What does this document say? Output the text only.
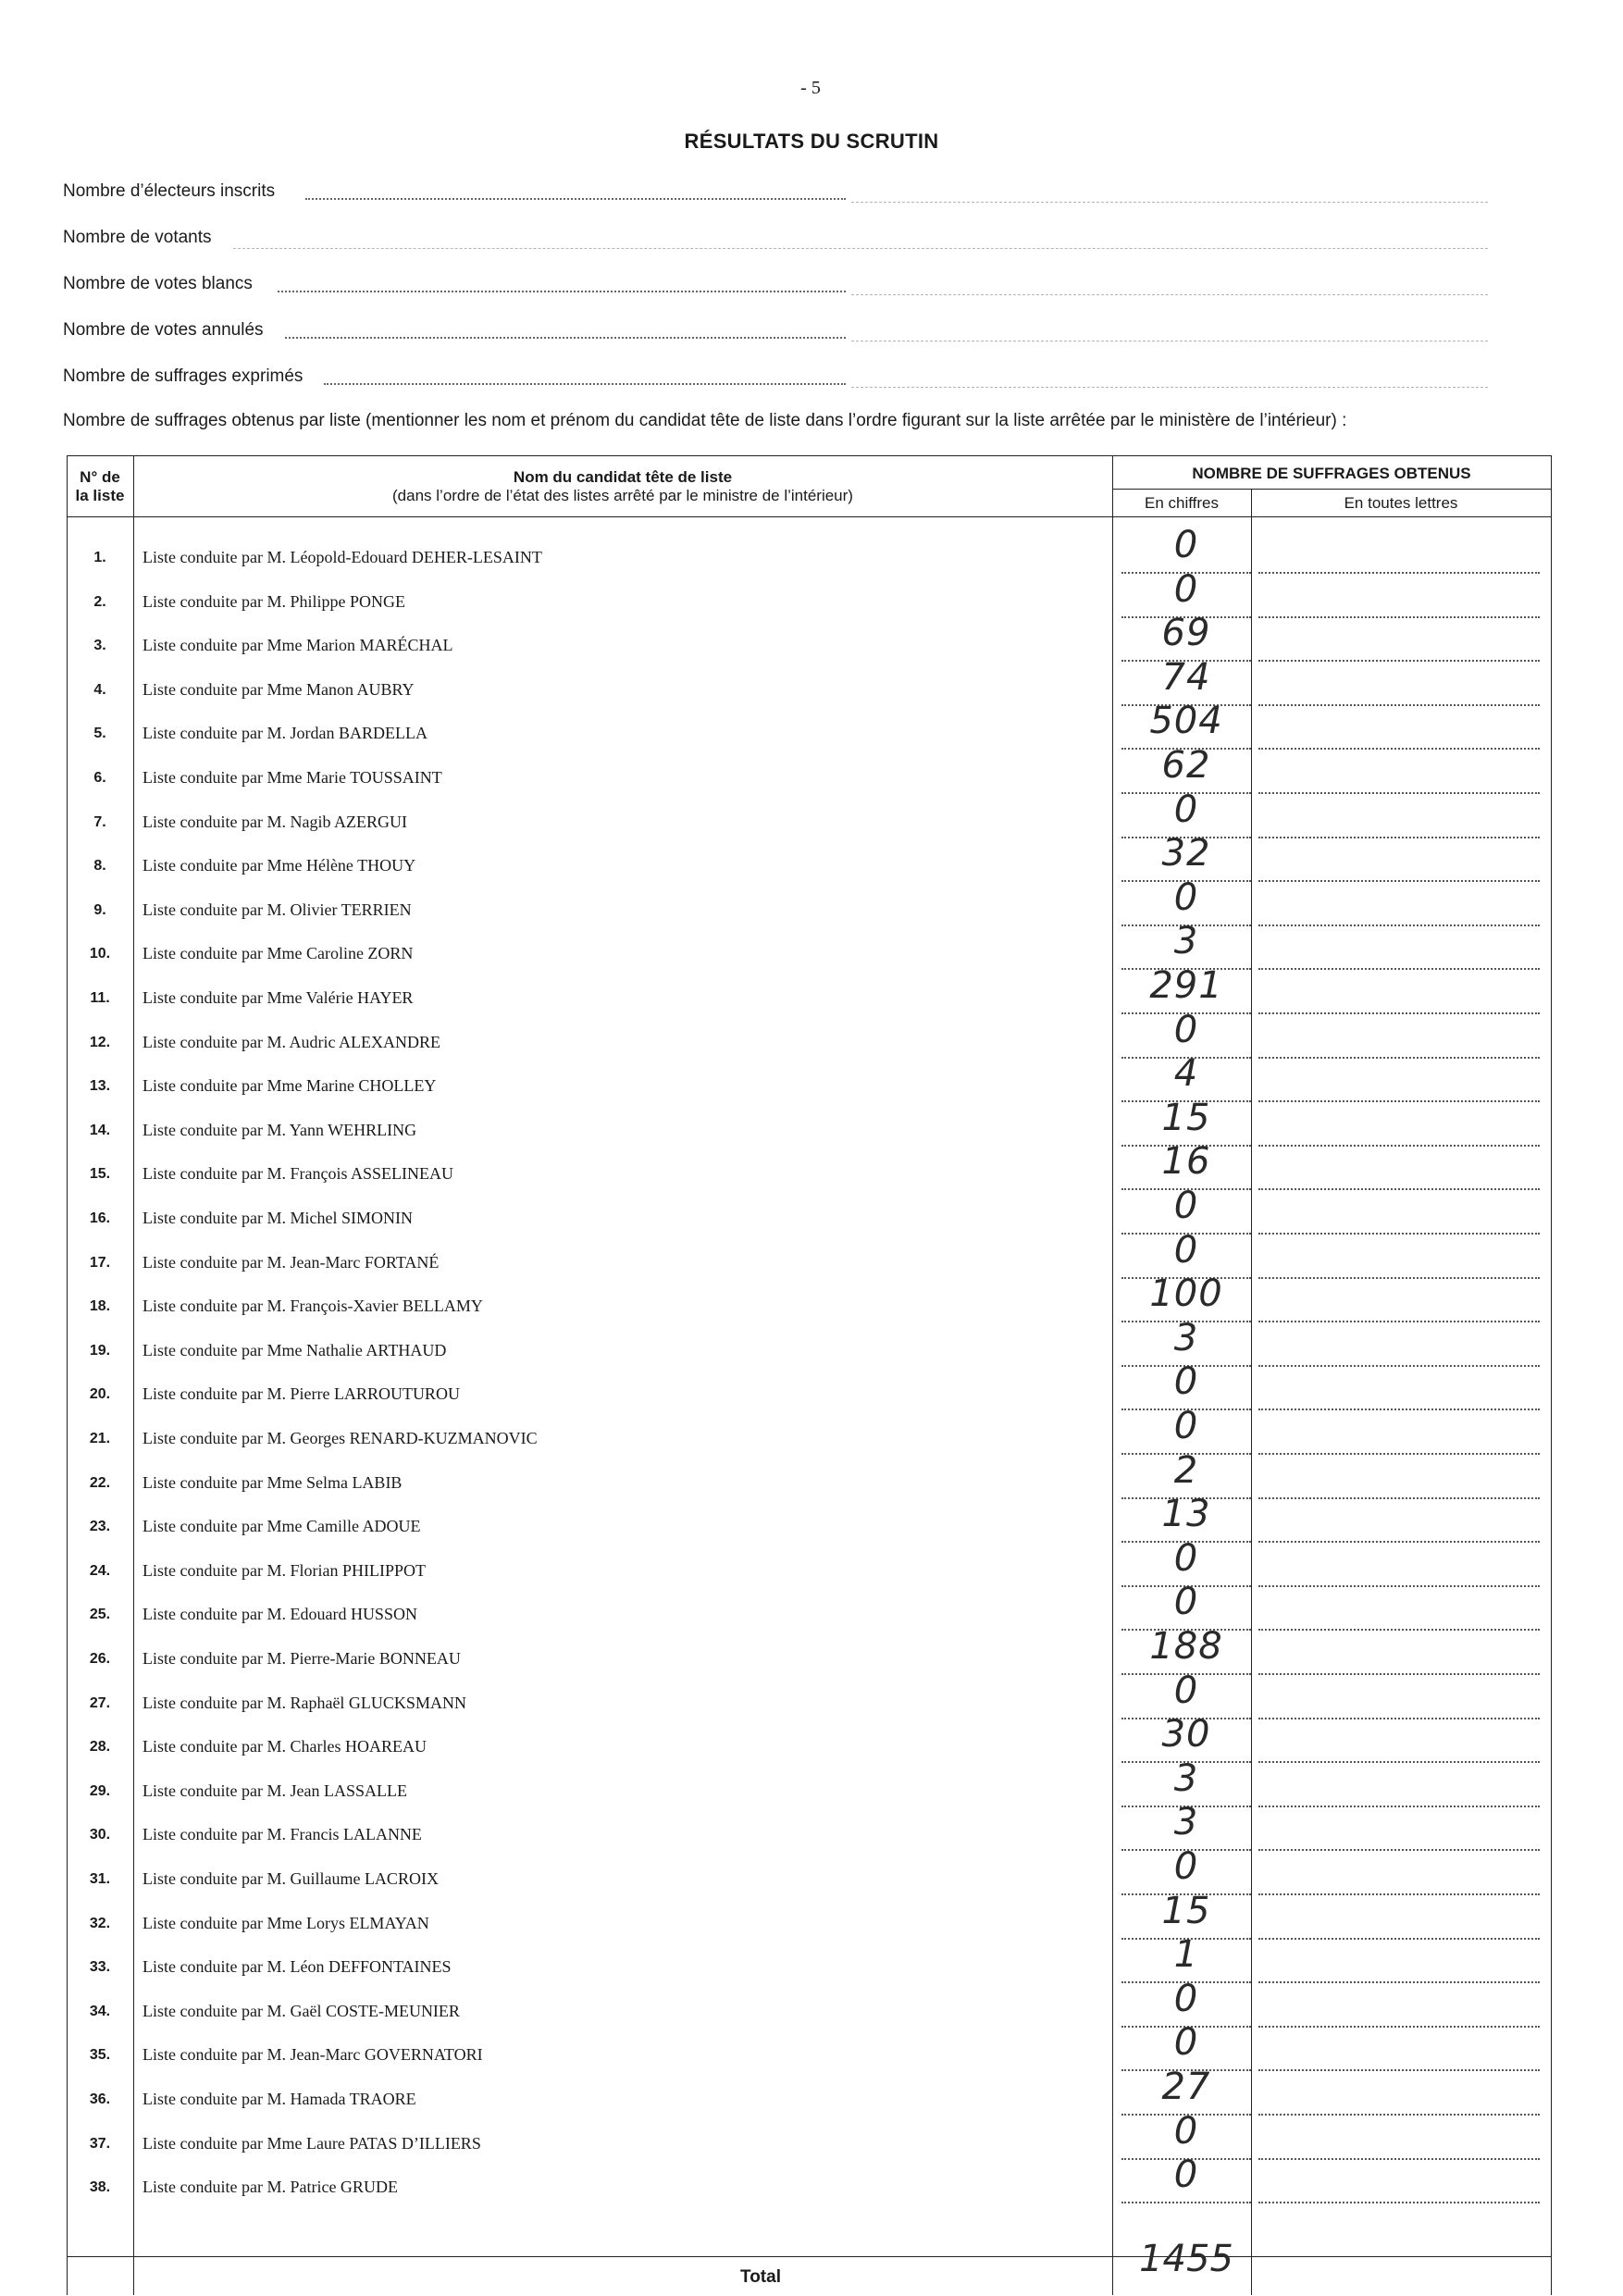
- 5
RÉSULTATS DU SCRUTIN
Nombre d’électeurs inscrits
Nombre de votants
Nombre de votes blancs
Nombre de votes annulés
Nombre de suffrages exprimés
Nombre de suffrages obtenus par liste (mentionner les nom et prénom du candidat tête de liste dans l’ordre figurant sur la liste arrêtée par le ministère de l’intérieur) :
N° de
la liste
Nom du candidat tête de liste
(dans l’ordre de l’état des listes arrêté par le ministre de l’intérieur)
NOMBRE DE SUFFRAGES OBTENUS
En chiffres	En toutes lettres
1.	Liste conduite par M. Léopold-Edouard DEHER-LESAINT	0
2.	Liste conduite par M. Philippe PONGE	0
3.	Liste conduite par Mme Marion MARÉCHAL	69
4.	Liste conduite par Mme Manon AUBRY	74
5.	Liste conduite par M. Jordan BARDELLA	504
6.	Liste conduite par Mme Marie TOUSSAINT	62
7.	Liste conduite par M. Nagib AZERGUI	0
8.	Liste conduite par Mme Hélène THOUY	32
9.	Liste conduite par M. Olivier TERRIEN	0
10.	Liste conduite par Mme Caroline ZORN	3
11.	Liste conduite par Mme Valérie HAYER	291
12.	Liste conduite par M. Audric ALEXANDRE	0
13.	Liste conduite par Mme Marine CHOLLEY	4
14.	Liste conduite par M. Yann WEHRLING	15
15.	Liste conduite par M. François ASSELINEAU	16
16.	Liste conduite par M. Michel SIMONIN	0
17.	Liste conduite par M. Jean-Marc FORTANÉ	0
18.	Liste conduite par M. François-Xavier BELLAMY	100
19.	Liste conduite par Mme Nathalie ARTHAUD	3
20.	Liste conduite par M. Pierre LARROUTUROU	0
21.	Liste conduite par M. Georges RENARD-KUZMANOVIC	0
22.	Liste conduite par Mme Selma LABIB	2
23.	Liste conduite par Mme Camille ADOUE	13
24.	Liste conduite par M. Florian PHILIPPOT	0
25.	Liste conduite par M. Edouard HUSSON	0
26.	Liste conduite par M. Pierre-Marie BONNEAU	188
27.	Liste conduite par M. Raphaël GLUCKSMANN	0
28.	Liste conduite par M. Charles HOAREAU	30
29.	Liste conduite par M. Jean LASSALLE	3
30.	Liste conduite par M. Francis LALANNE	3
31.	Liste conduite par M. Guillaume LACROIX	0
32.	Liste conduite par Mme Lorys ELMAYAN	15
33.	Liste conduite par M. Léon DEFFONTAINES	1
34.	Liste conduite par M. Gaël COSTE-MEUNIER	0
35.	Liste conduite par M. Jean-Marc GOVERNATORI	0
36.	Liste conduite par M. Hamada TRAORE	27
37.	Liste conduite par Mme Laure PATAS D’ILLIERS	0
38.	Liste conduite par M. Patrice GRUDE	0
Total	1455
